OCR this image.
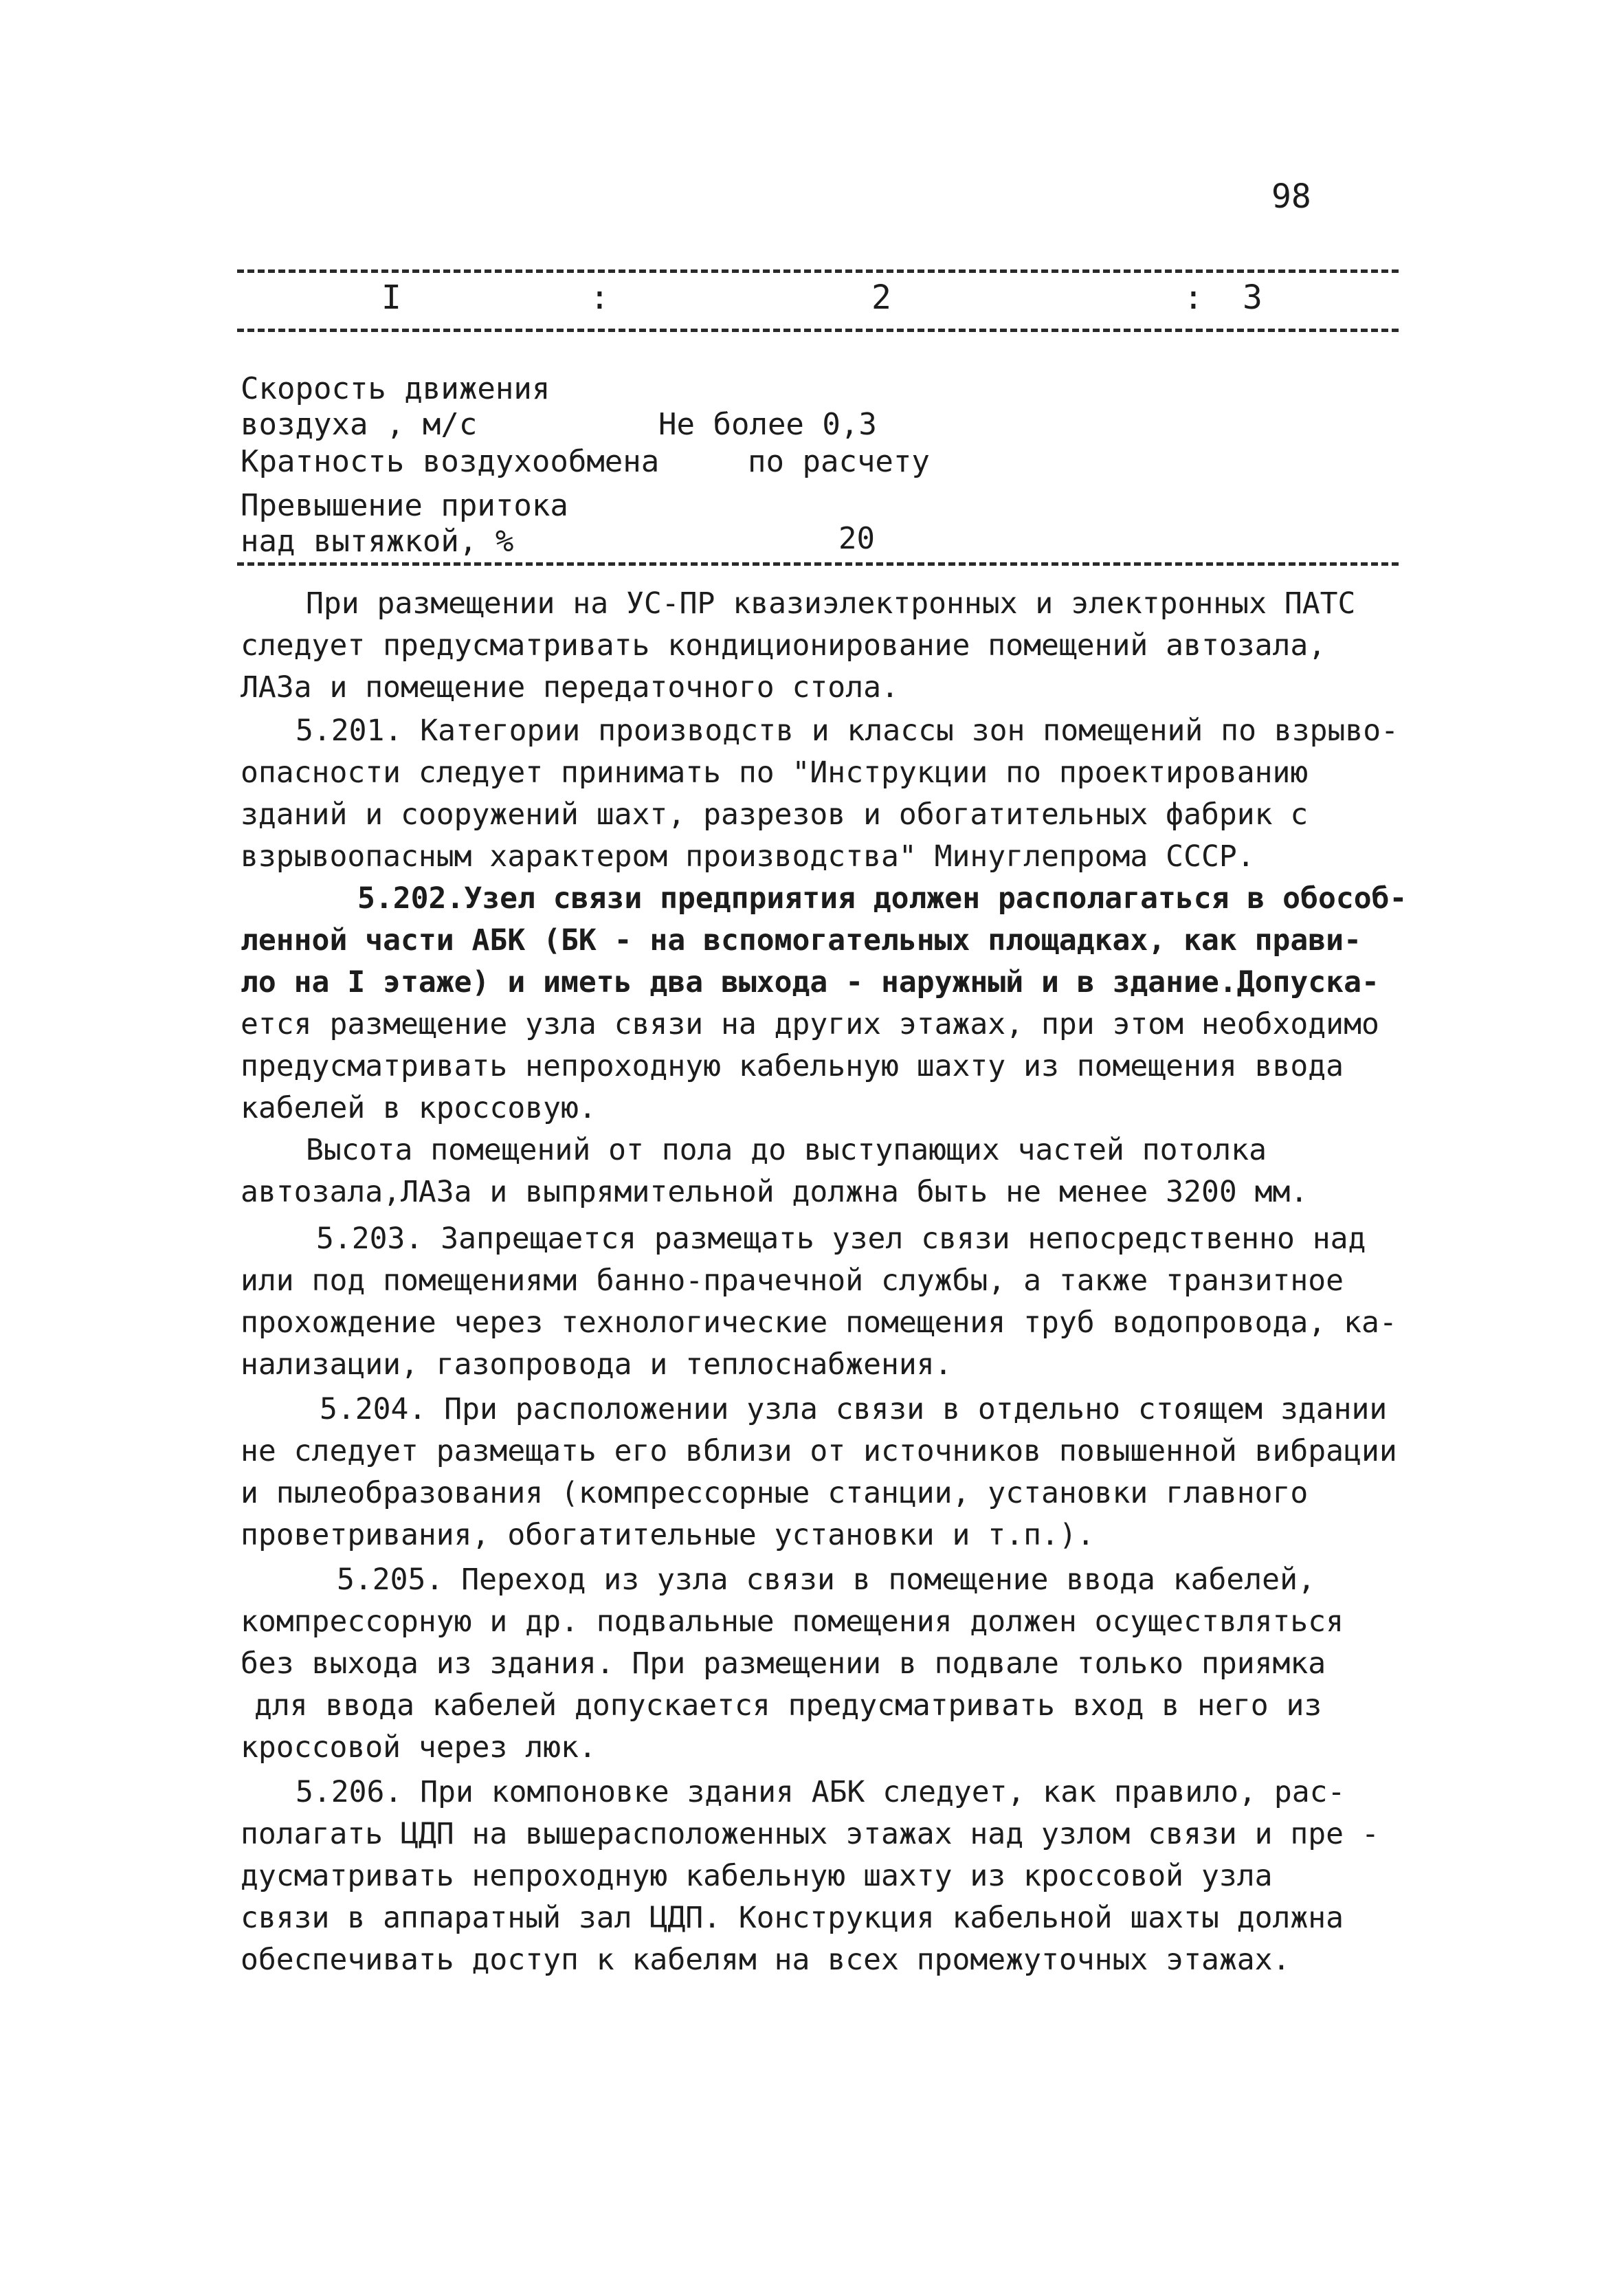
98
I	:	2	: 3
Скорость движения
воздуха , м/с	Не более 0,3
Кратность воздухообмена	по расчету
Превышение притока
над вытяжкой, %	20
При размещении на УС-ПР квазиэлектронных и электронных ПАТС
следует предусматривать кондиционирование помещений автозала,
ЛАЗа и помещение передаточного стола.
5.201. Категории производств и классы зон помещений по взрыво-
опасности следует принимать по "Инструкции по проектированию
зданий и сооружений шахт, разрезов и обогатительных фабрик с
взрывоопасным характером производства" Минуглепрома СССР.
5.202.Узел связи предприятия должен располагаться в обособ-
ленной части АБК (БК - на вспомогательных площадках, как прави-
ло на I этаже) и иметь два выхода - наружный и в здание.Допуска-
ется размещение узла связи на других этажах, при этом необходимо
предусматривать непроходную кабельную шахту из помещения ввода
кабелей в кроссовую.
Высота помещений от пола до выступающих частей потолка
автозала,ЛАЗа и выпрямительной должна быть не менее 3200 мм.
5.203. Запрещается размещать узел связи непосредственно над
или под помещениями банно-прачечной службы, а также транзитное
прохождение через технологические помещения труб водопровода, ка-
нализации, газопровода и теплоснабжения.
5.204. При расположении узла связи в отдельно стоящем здании
не следует размещать его вблизи от источников повышенной вибрации
и пылеобразования (компрессорные станции, установки главного
проветривания, обогатительные установки и т.п.).
5.205. Переход из узла связи в помещение ввода кабелей,
компрессорную и др. подвальные помещения должен осуществляться
без выхода из здания. При размещении в подвале только приямка
для ввода кабелей допускается предусматривать вход в него из
кроссовой через люк.
5.206. При компоновке здания АБК следует, как правило, рас-
полагать ЦДП на вышерасположенных этажах над узлом связи и пре -
дусматривать непроходную кабельную шахту из кроссовой узла
связи в аппаратный зал ЦДП. Конструкция кабельной шахты должна
обеспечивать доступ к кабелям на всех промежуточных этажах.
